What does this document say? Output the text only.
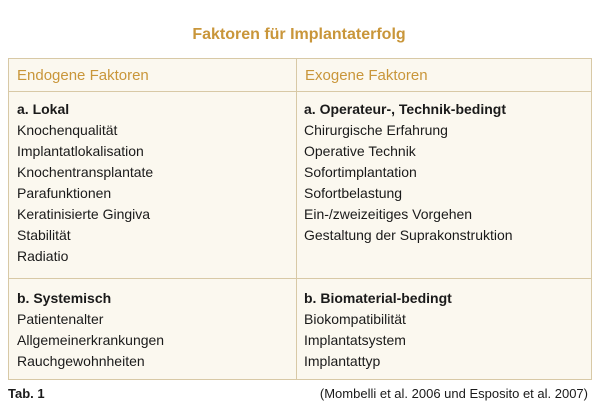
Faktoren für Implantaterfolg
Endogene Faktoren	Exogene Faktoren
a. Lokal
Knochenqualität
Implantatlokalisation
Knochentransplantate
Parafunktionen
Keratinisierte Gingiva
Stabilität
Radiatio
a. Operateur-, Technik-bedingt
Chirurgische Erfahrung
Operative Technik
Sofortimplantation
Sofortbelastung
Ein-/zweizeitiges Vorgehen
Gestaltung der Suprakonstruktion
b. Systemisch
Patientenalter
Allgemeinerkrankungen
Rauchgewohnheiten
b. Biomaterial-bedingt
Biokompatibilität
Implantatsystem
Implantattyp
Tab. 1	(Mombelli et al. 2006 und Esposito et al. 2007)
